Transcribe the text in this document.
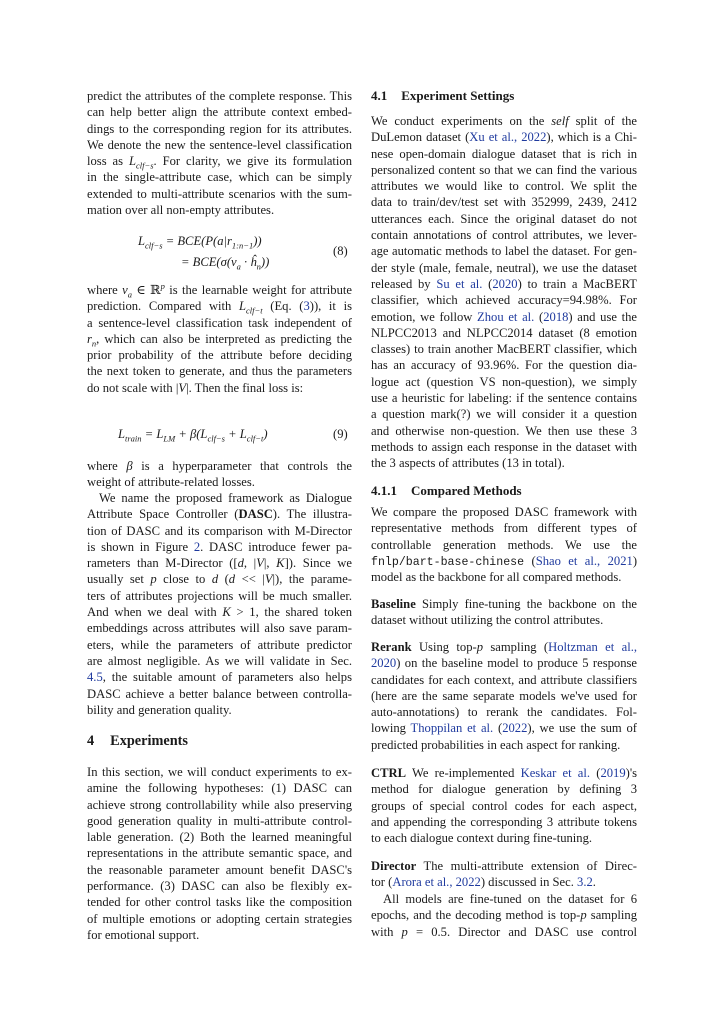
predict the attributes of the complete response. This
can help better align the attribute context embed-
dings to the corresponding region for its attributes.
We denote the new the sentence-level classification
loss as $L_{clf-s}$. For clarity, we give its formulation
in the single-attribute case, which can be simply
extended to multi-attribute scenarios with the sum-
mation over all non-empty attributes.
$L_{clf-s} = BCE(P(a|r_{1:n-1}))$
= $BCE(\sigma(v_a$ · $ĥ_n$))
(8)
where $v_a$ ∈ ℝ$^p$ is the learnable weight for attribute
prediction. Compared with $L_{clf-t}$ (Eq. (3)), it is
a sentence-level classification task independent of
$r_n$, which can also be interpreted as predicting the
prior probability of the attribute before deciding
the next token to generate, and thus the parameters
do not scale with |V|. Then the final loss is:
$L_{train} = L_{LM} + \beta(L_{clf-s} + L_{clf-t})$	(9)
where β is a hyperparameter that controls the
weight of attribute-related losses.
We name the proposed framework as Dialogue
Attribute Space Controller (DASC). The illustra-
tion of DASC and its comparison with M-Director
is shown in Figure 2. DASC introduce fewer pa-
rameters than M-Director ([d, |V|, K]). Since we
usually set p close to d (d << |V|), the parame-
ters of attributes projections will be much smaller.
And when we deal with K > 1, the shared token
embeddings across attributes will also save param-
eters, while the parameters of attribute predictor
are almost negligible. As we will validate in Sec.
4.5, the suitable amount of parameters also helps
DASC achieve a better balance between controlla-
bility and generation quality.
4 Experiments
In this section, we will conduct experiments to ex-
amine the following hypotheses: (1) DASC can
achieve strong controllability while also preserving
good generation quality in multi-attribute control-
lable generation. (2) Both the learned meaningful
representations in the attribute semantic space, and
the reasonable parameter amount benefit DASC's
performance. (3) DASC can also be flexibly ex-
tended for other control tasks like the composition
of multiple emotions or adopting certain strategies
for emotional support.
4.1 Experiment Settings
We conduct experiments on the self split of the
DuLemon dataset (Xu et al., 2022), which is a Chi-
nese open-domain dialogue dataset that is rich in
personalized content so that we can find the various
attributes we would like to control. We split the
data to train/dev/test set with 352999, 2439, 2412
utterances each. Since the original dataset do not
contain annotations of control attributes, we lever-
age automatic methods to label the dataset. For gen-
der style (male, female, neutral), we use the dataset
released by Su et al. (2020) to train a MacBERT
classifier, which achieved accuracy=94.98%. For
emotion, we follow Zhou et al. (2018) and use the
NLPCC2013 and NLPCC2014 dataset (8 emotion
classes) to train another MacBERT classifier, which
has an accuracy of 93.96%. For the question dia-
logue act (question VS non-question), we simply
use a heuristic for labeling: if the sentence contains
a question mark(?) we will consider it a question
and otherwise non-question. We then use these 3
methods to assign each response in the dataset with
the 3 aspects of attributes (13 in total).
4.1.1 Compared Methods
We compare the proposed DASC framework with
representative methods from different types of
controllable generation methods. We use the
fnlp/bart-base-chinese (Shao et al., 2021)
model as the backbone for all compared methods.
Baseline Simply fine-tuning the backbone on the
dataset without utilizing the control attributes.
Rerank Using top-p sampling (Holtzman et al.,
2020) on the baseline model to produce 5 response
candidates for each context, and attribute classifiers
(here are the same separate models we've used for
auto-annotations) to rerank the candidates. Fol-
lowing Thoppilan et al. (2022), we use the sum of
predicted probabilities in each aspect for ranking.
CTRL We re-implemented Keskar et al. (2019)'s
method for dialogue generation by defining 3
groups of special control codes for each aspect,
and appending the corresponding 3 attribute tokens
to each dialogue context during fine-tuning.
Director The multi-attribute extension of Direc-
tor (Arora et al., 2022) discussed in Sec. 3.2.
All models are fine-tuned on the dataset for 6
epochs, and the decoding method is top-p sampling
with p = 0.5. Director and DASC use control
